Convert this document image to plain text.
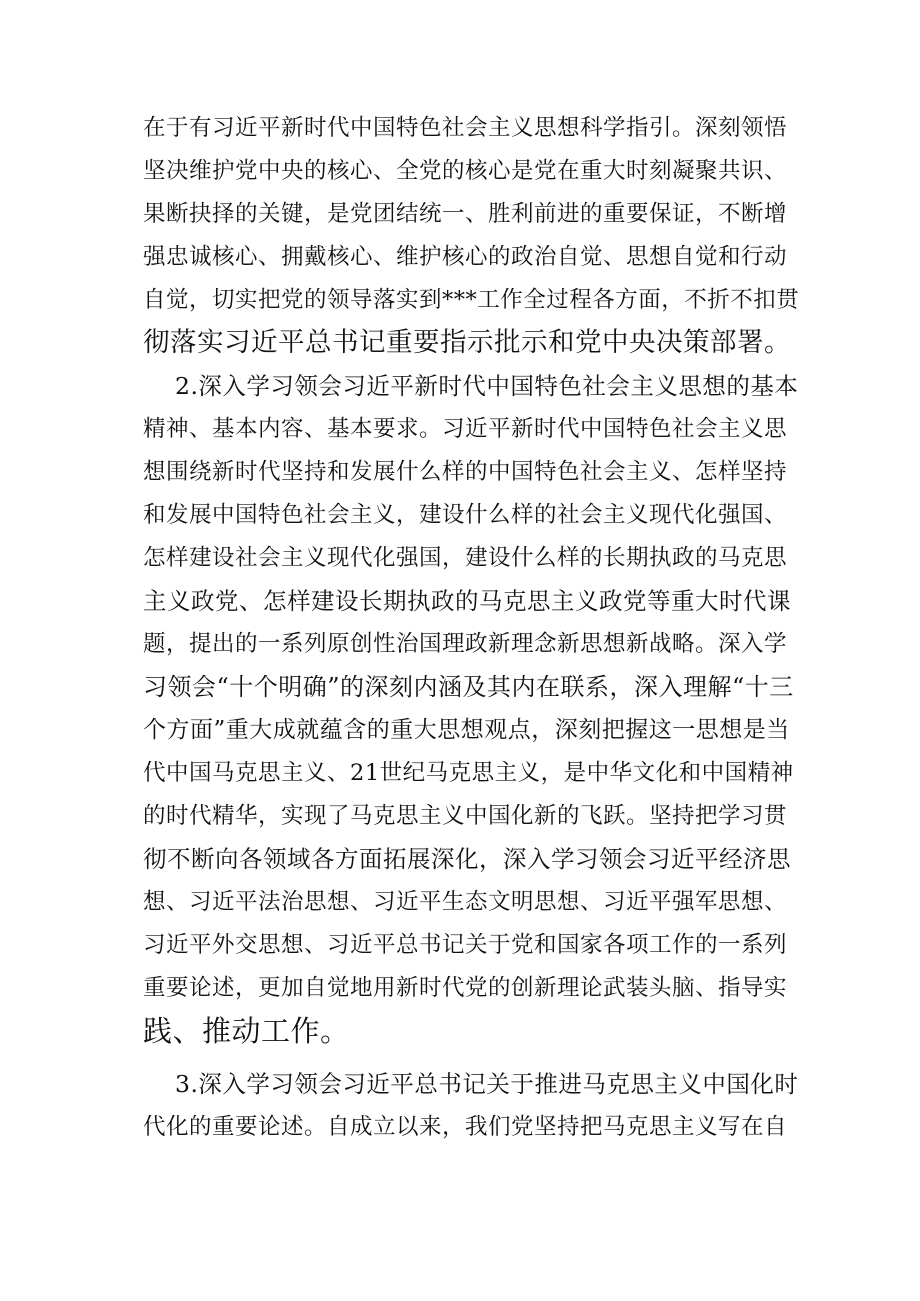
在于有习近平新时代中国特色社会主义思想科学指引。深刻领悟
坚决维护党中央的核心、全党的核心是党在重大时刻凝聚共识、
果断抉择的关键，是党团结统一、胜利前进的重要保证，不断增
强忠诚核心、拥戴核心、维护核心的政治自觉、思想自觉和行动
自觉，切实把党的领导落实到***工作全过程各方面，不折不扣贯
彻落实习近平总书记重要指示批示和党中央决策部署。
2.深入学习领会习近平新时代中国特色社会主义思想的基本
精神、基本内容、基本要求。习近平新时代中国特色社会主义思
想围绕新时代坚持和发展什么样的中国特色社会主义、怎样坚持
和发展中国特色社会主义，建设什么样的社会主义现代化强国、
怎样建设社会主义现代化强国，建设什么样的长期执政的马克思
主义政党、怎样建设长期执政的马克思主义政党等重大时代课
题，提出的一系列原创性治国理政新理念新思想新战略。深入学
习领会“十个明确”的深刻内涵及其内在联系，深入理解“十三
个方面”重大成就蕴含的重大思想观点，深刻把握这一思想是当
代中国马克思主义、21世纪马克思主义，是中华文化和中国精神
的时代精华，实现了马克思主义中国化新的飞跃。坚持把学习贯
彻不断向各领域各方面拓展深化，深入学习领会习近平经济思
想、习近平法治思想、习近平生态文明思想、习近平强军思想、
习近平外交思想、习近平总书记关于党和国家各项工作的一系列
重要论述，更加自觉地用新时代党的创新理论武装头脑、指导实
践、推动工作。
3.深入学习领会习近平总书记关于推进马克思主义中国化时
代化的重要论述。自成立以来，我们党坚持把马克思主义写在自
